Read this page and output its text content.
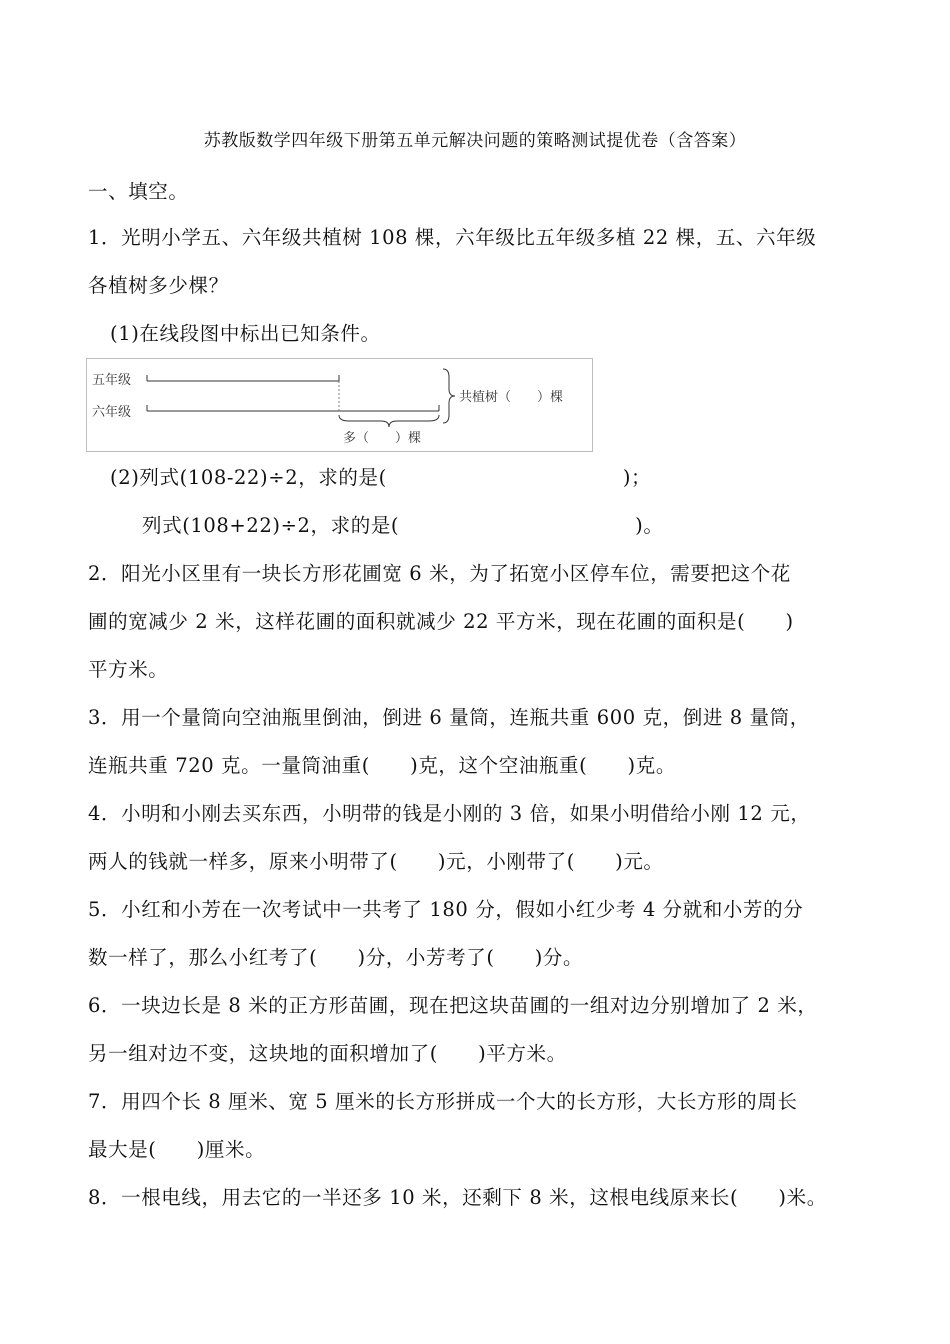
苏教版数学四年级下册第五单元解决问题的策略测试提优卷（含答案）
一、填空。
1．光明小学五、六年级共植树 108 棵，六年级比五年级多植 22 棵，五、六年级
各植树多少棵？
(1)在线段图中标出已知条件。
五年级
六年级
共植树（　　）棵
多（　　）棵
(2)列式(108-22)÷2，求的是(	)；
列式(108+22)÷2，求的是(	)。
2．阳光小区里有一块长方形花圃宽 6 米，为了拓宽小区停车位，需要把这个花
圃的宽减少 2 米，这样花圃的面积就减少 22 平方米，现在花圃的面积是(　　)
平方米。
3．用一个量筒向空油瓶里倒油，倒进 6 量筒，连瓶共重 600 克，倒进 8 量筒，
连瓶共重 720 克。一量筒油重(　　)克，这个空油瓶重(　　)克。
4．小明和小刚去买东西，小明带的钱是小刚的 3 倍，如果小明借给小刚 12 元，
两人的钱就一样多，原来小明带了(　　)元，小刚带了(　　)元。
5．小红和小芳在一次考试中一共考了 180 分，假如小红少考 4 分就和小芳的分
数一样了，那么小红考了(　　)分，小芳考了(　　)分。
6．一块边长是 8 米的正方形苗圃，现在把这块苗圃的一组对边分别增加了 2 米，
另一组对边不变，这块地的面积增加了(　　)平方米。
7．用四个长 8 厘米、宽 5 厘米的长方形拼成一个大的长方形，大长方形的周长
最大是(　　)厘米。
8．一根电线，用去它的一半还多 10 米，还剩下 8 米，这根电线原来长(　　)米。
